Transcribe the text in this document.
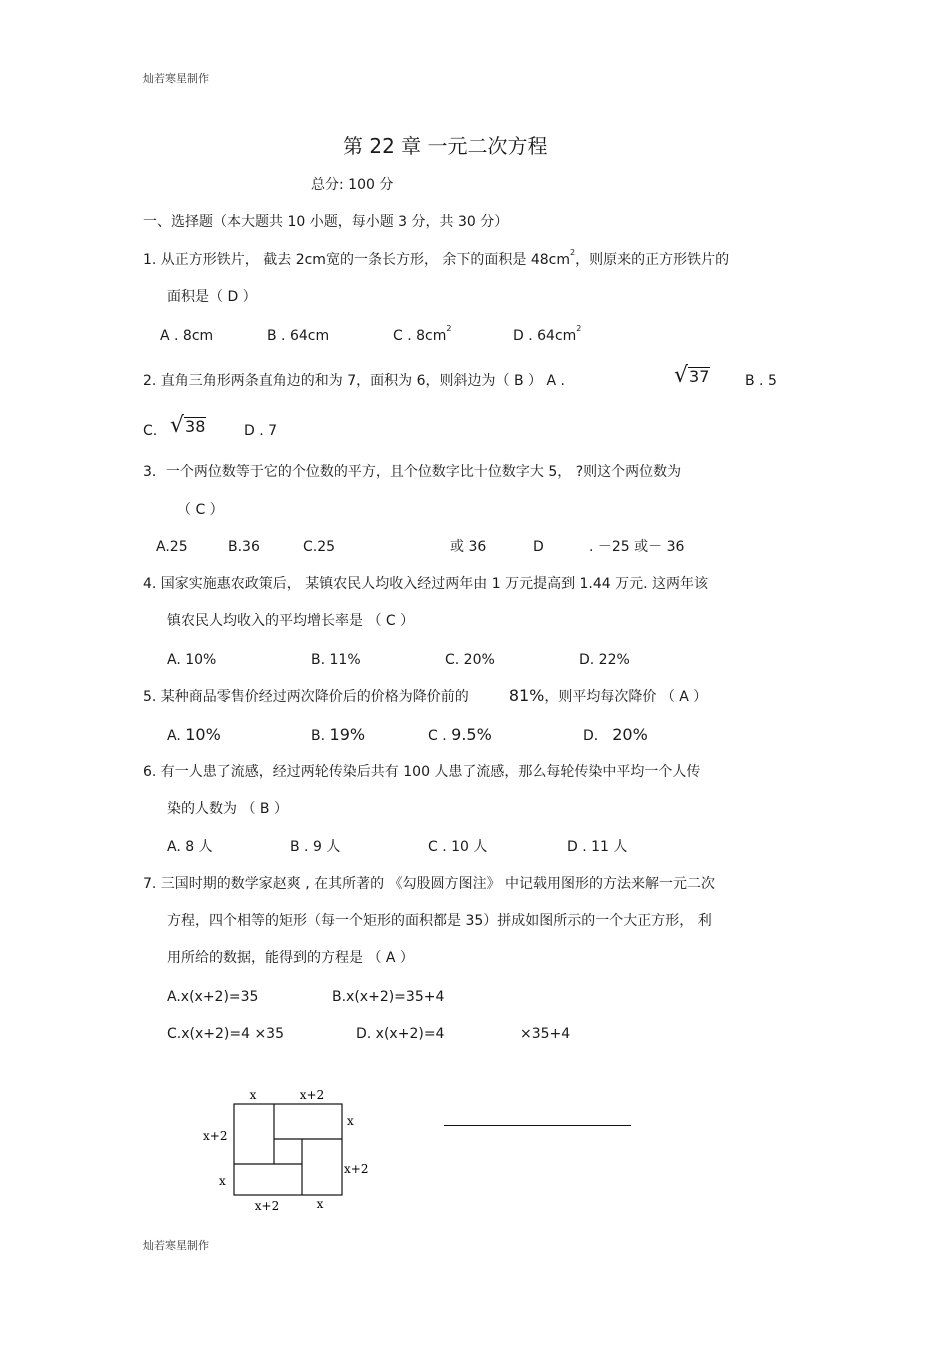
灿若寒星制作
第 22 章 一元二次方程
总分: 100 分
一、选择题（本大题共 10 小题，每小题 3 分，共 30 分）
1. 从正方形铁片， 截去 2cm宽的一条长方形， 余下的面积是 $48cm^2$，则原来的正方形铁片的
面积是（ D ）
A . 8cm	B . 64cm	C . $8cm^2$	D . $64cm^2$
2. 直角三角形两条直角边的和为 7，面积为 6，则斜边为（ B ） A .	√ 37	B . 5
C. √ 38	D . 7
3．一个两位数等于它的个位数的平方，且个位数字比十位数字大 5， ?则这个两位数为
（ C ）
A.25	B.36	C.25	或 36	D	. －25 或－ 36
4. 国家实施惠农政策后， 某镇农民人均收入经过两年由 1 万元提高到 1.44 万元. 这两年该
镇农民人均收入的平均增长率是 （ C ）
A. 10%	B. 11%	C. 20%	D. 22%
5. 某种商品零售价经过两次降价后的价格为降价前的	81%，则平均每次降价 （ A ）
A. 10%	B. 19%	C . 9.5%	D． 20%
6. 有一人患了流感，经过两轮传染后共有 100 人患了流感，那么每轮传染中平均一个人传
染的人数为 （ B ）
A. 8 人	B . 9 人	C . 10 人	D . 11 人
7. 三国时期的数学家赵爽 , 在其所著的 《勾股圆方图注》 中记载用图形的方法来解一元二次
方程，四个相等的矩形（每一个矩形的面积都是 35）拼成如图所示的一个大正方形， 利
用所给的数据，能得到的方程是 （ A ）
A.x(x+2)=35	B.x(x+2)=35+4
C.x(x+2)=4 ×35	D. x(x+2)=4	×35+4
x	x+2
x
x+2
x+2
x
x+2	x
灿若寒星制作
